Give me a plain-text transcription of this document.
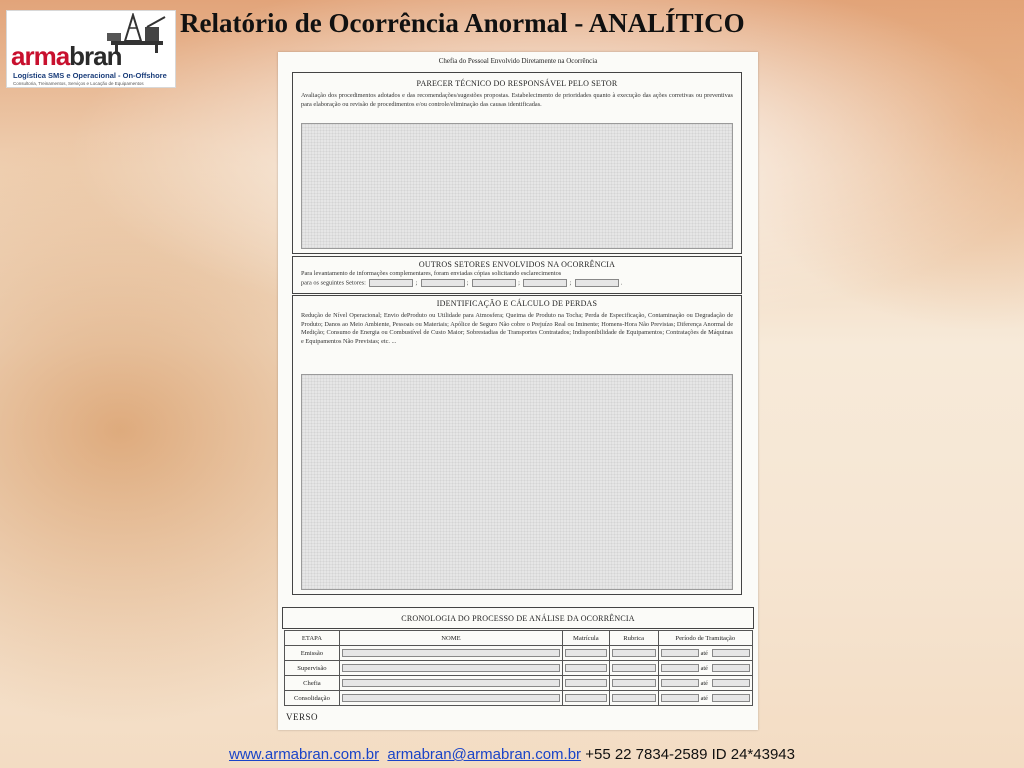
armabran
Logística SMS e Operacional - On-Offshore
Consultoria, Treinamentos, Serviços e Locação de Equipamentos
Relatório de Ocorrência Anormal - ANALÍTICO
Chefia do Pessoal Envolvido Diretamente na Ocorrência
PARECER TÉCNICO DO RESPONSÁVEL PELO SETOR
Avaliação dos procedimentos adotados e das recomendações/sugestões propostas. Estabelecimento de prioridades quanto à execução das ações corretivas ou preventivas para elaboração ou revisão de procedimentos e/ou controle/eliminação das causas identificadas.
OUTROS SETORES ENVOLVIDOS NA OCORRÊNCIA
Para levantamento de informações complementares, foram enviadas cópias solicitando esclarecimentos
para os seguintes Setores:	;	;	;	;	.
IDENTIFICAÇÃO E CÁLCULO DE PERDAS
Redução de Nível Operacional; Envio deProduto ou Utilidade para Atmosfera; Queima de Produto na Tocha; Perda de Especificação, Contaminação ou Degradação de Produto; Danos ao Meio Ambiente, Pessoais ou Materiais; Apólice de Seguro Não cobre o Prejuízo Real ou Iminente; Homens-Hora Não Previstas; Diferença Anormal de Medição; Consumo de Energia ou Combustível de Custo Maior; Sobrestadias de Transportes Contratados; Indisponibilidade de Equipamentos; Contratações de Máquinas e Equipamentos Não Previstas; etc. ...
CRONOLOGIA DO PROCESSO DE ANÁLISE DA OCORRÊNCIA
ETAPA	NOME	Matrícula	Rubrica	Período de Tramitação
Emissão				até

Supervisão				até

Chefia				até

Consolidação				até
VERSO
www.armabran.com.br armabran@armabran.com.br +55 22 7834-2589 ID 24*43943
